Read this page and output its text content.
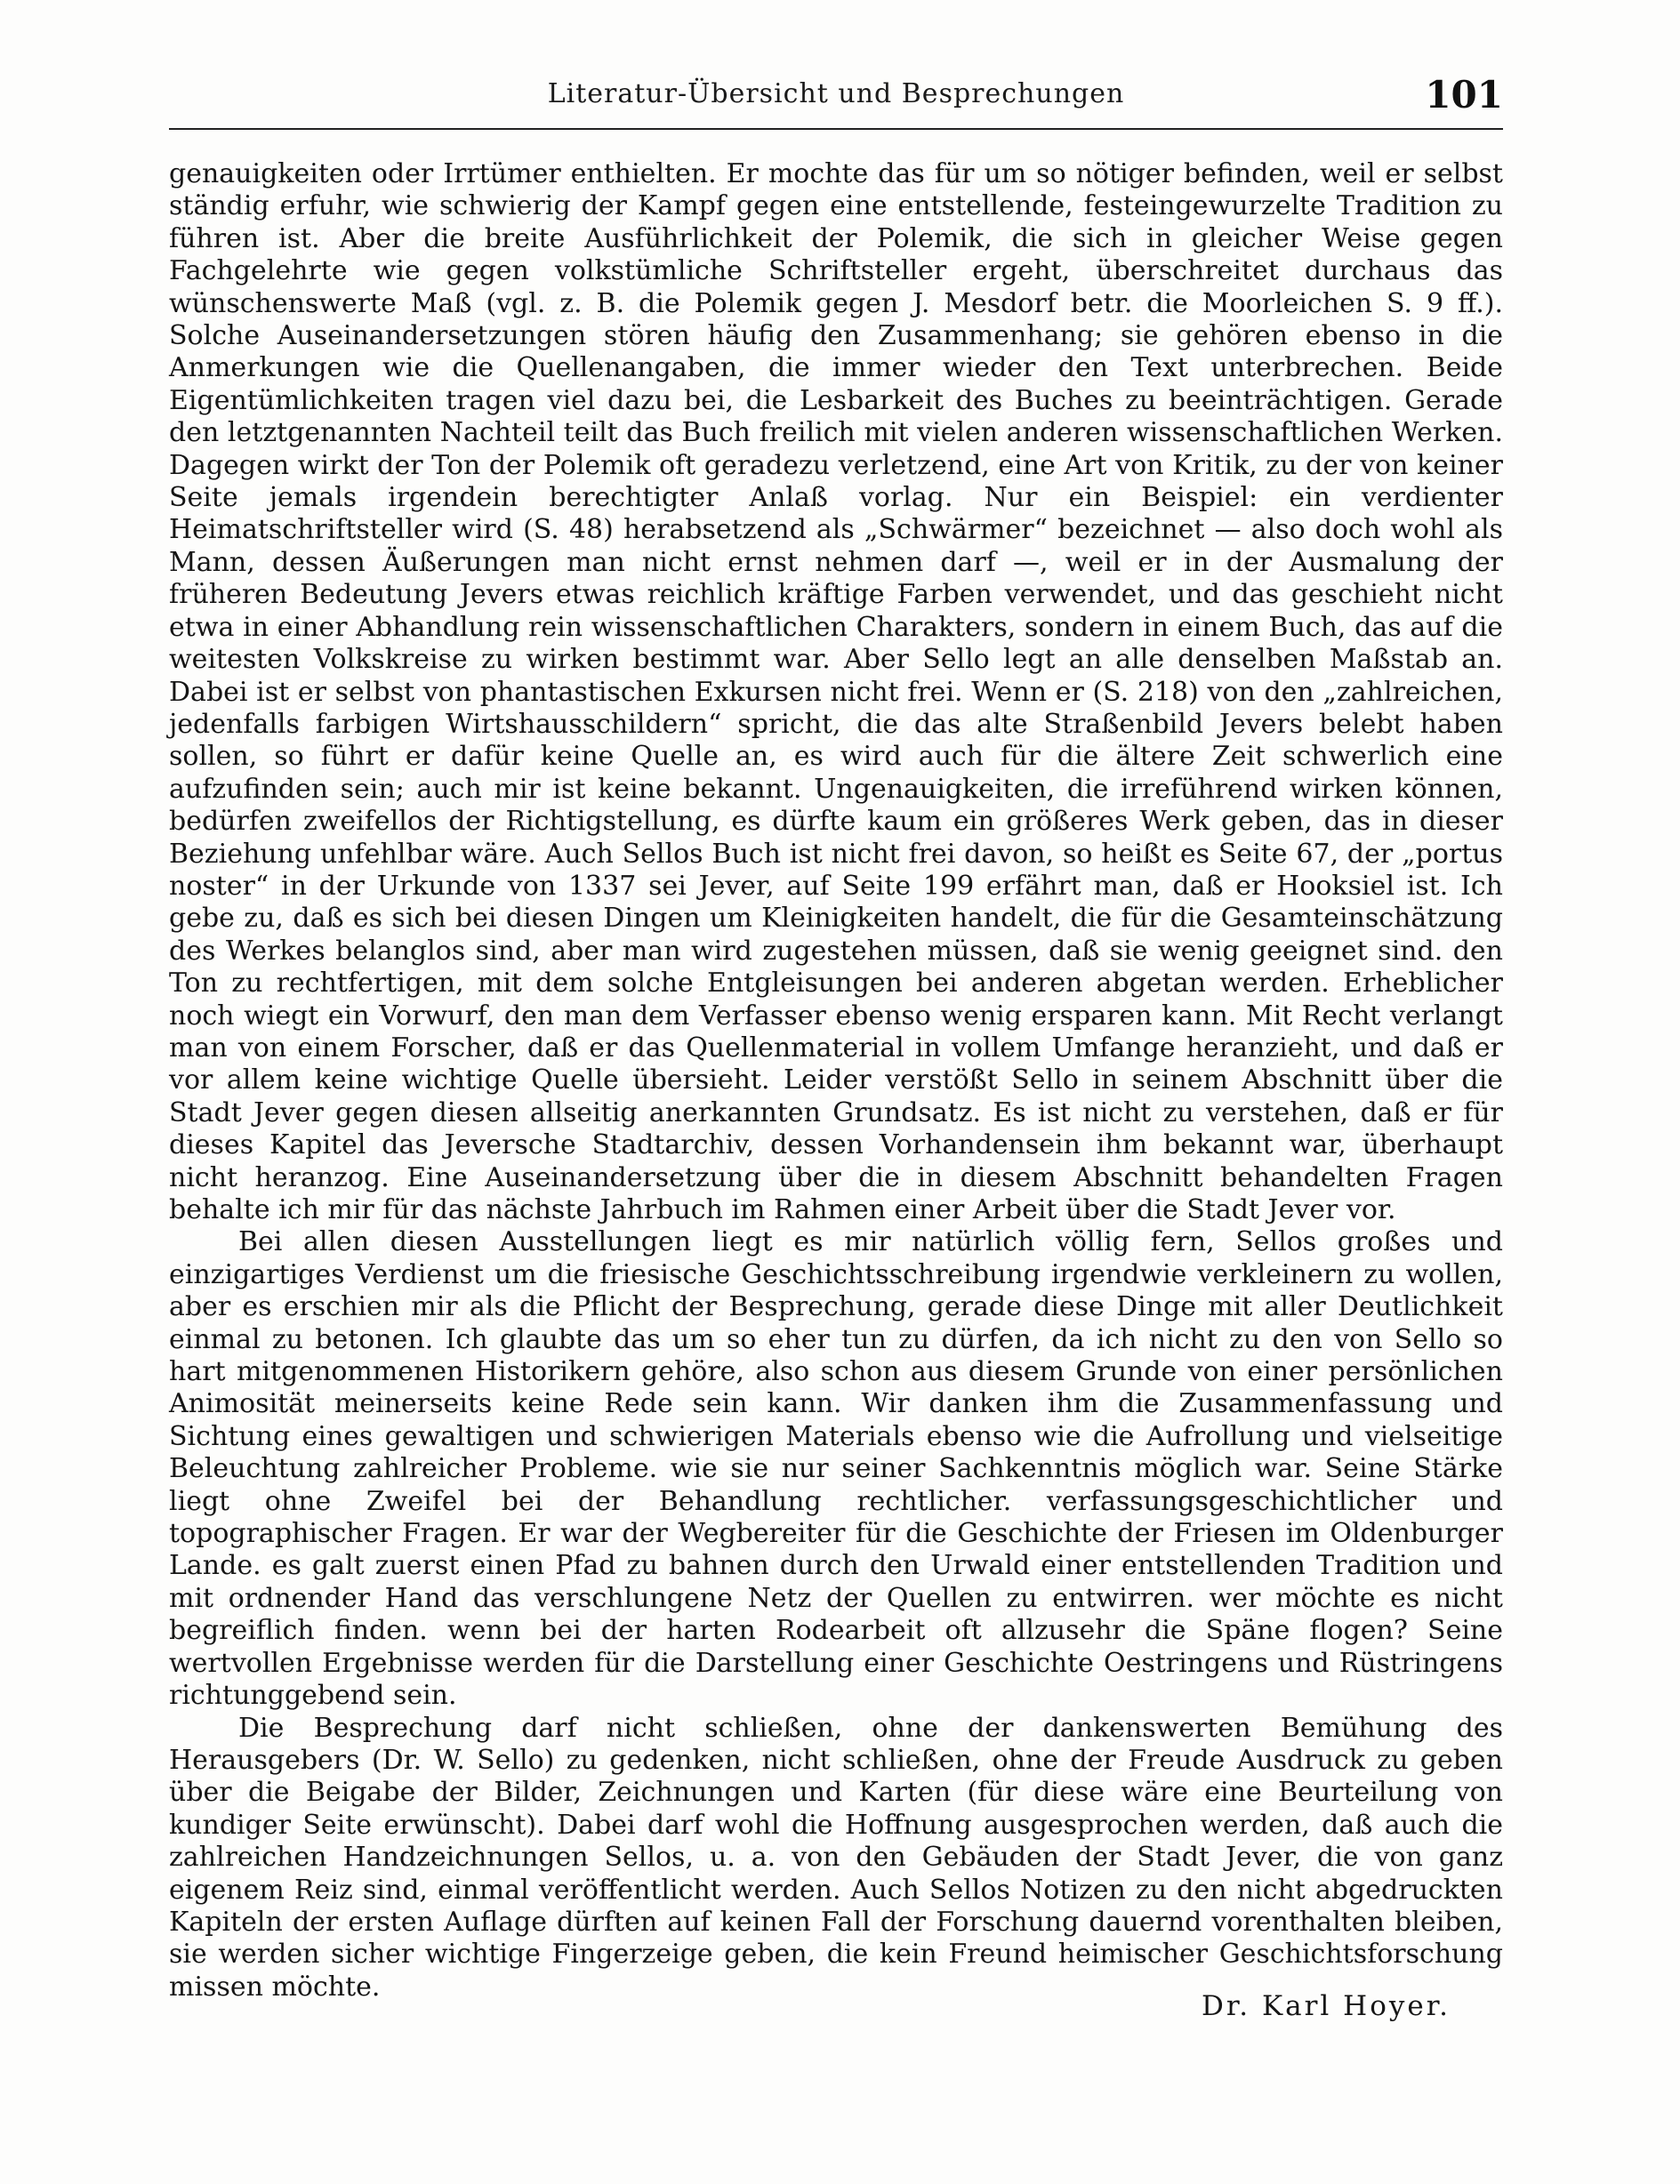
Literatur-Übersicht und Besprechungen	101

genauigkeiten oder Irrtümer enthielten. Er mochte das für um so nötiger befinden, weil er selbst ständig erfuhr, wie schwierig der Kampf gegen eine entstellende, festeingewurzelte Tradition zu führen ist. Aber die breite Ausführlichkeit der Polemik, die sich in gleicher Weise gegen Fachgelehrte wie gegen volkstümliche Schriftsteller ergeht, überschreitet durchaus das wünschenswerte Maß (vgl. z. B. die Polemik gegen J. Mesdorf betr. die Moorleichen S. 9 ff.). Solche Auseinandersetzungen stören häufig den Zusammenhang; sie gehören ebenso in die Anmerkungen wie die Quellenangaben, die immer wieder den Text unterbrechen. Beide Eigentümlichkeiten tragen viel dazu bei, die Lesbarkeit des Buches zu beeinträchtigen. Gerade den letztgenannten Nachteil teilt das Buch freilich mit vielen anderen wissenschaftlichen Werken. Dagegen wirkt der Ton der Polemik oft geradezu verletzend, eine Art von Kritik, zu der von keiner Seite jemals irgendein berechtigter Anlaß vorlag. Nur ein Beispiel: ein verdienter Heimatschriftsteller wird (S. 48) herabsetzend als „Schwärmer“ bezeichnet — also doch wohl als Mann, dessen Äußerungen man nicht ernst nehmen darf —, weil er in der Ausmalung der früheren Bedeutung Jevers etwas reichlich kräftige Farben verwendet, und das geschieht nicht etwa in einer Abhandlung rein wissenschaftlichen Charakters, sondern in einem Buch, das auf die weitesten Volkskreise zu wirken bestimmt war. Aber Sello legt an alle denselben Maßstab an. Dabei ist er selbst von phantastischen Exkursen nicht frei. Wenn er (S. 218) von den „zahlreichen, jedenfalls farbigen Wirtshausschildern“ spricht, die das alte Straßenbild Jevers belebt haben sollen, so führt er dafür keine Quelle an, es wird auch für die ältere Zeit schwerlich eine aufzufinden sein; auch mir ist keine bekannt. Ungenauigkeiten, die irreführend wirken können, bedürfen zweifellos der Richtigstellung, es dürfte kaum ein größeres Werk geben, das in dieser Beziehung unfehlbar wäre. Auch Sellos Buch ist nicht frei davon, so heißt es Seite 67, der „portus noster“ in der Urkunde von 1337 sei Jever, auf Seite 199 erfährt man, daß er Hooksiel ist. Ich gebe zu, daß es sich bei diesen Dingen um Kleinigkeiten handelt, die für die Gesamteinschätzung des Werkes belanglos sind, aber man wird zugestehen müssen, daß sie wenig geeignet sind. den Ton zu rechtfertigen, mit dem solche Entgleisungen bei anderen abgetan werden. Erheblicher noch wiegt ein Vorwurf, den man dem Verfasser ebenso wenig ersparen kann. Mit Recht verlangt man von einem Forscher, daß er das Quellenmaterial in vollem Umfange heranzieht, und daß er vor allem keine wichtige Quelle übersieht. Leider verstößt Sello in seinem Abschnitt über die Stadt Jever gegen diesen allseitig anerkannten Grundsatz. Es ist nicht zu verstehen, daß er für dieses Kapitel das Jeversche Stadtarchiv, dessen Vorhandensein ihm bekannt war, überhaupt nicht heranzog. Eine Auseinandersetzung über die in diesem Abschnitt behandelten Fragen behalte ich mir für das nächste Jahrbuch im Rahmen einer Arbeit über die Stadt Jever vor.

Bei allen diesen Ausstellungen liegt es mir natürlich völlig fern, Sellos großes und einzigartiges Verdienst um die friesische Geschichtsschreibung irgendwie verkleinern zu wollen, aber es erschien mir als die Pflicht der Besprechung, gerade diese Dinge mit aller Deutlichkeit einmal zu betonen. Ich glaubte das um so eher tun zu dürfen, da ich nicht zu den von Sello so hart mitgenommenen Historikern gehöre, also schon aus diesem Grunde von einer persönlichen Animosität meinerseits keine Rede sein kann. Wir danken ihm die Zusammenfassung und Sichtung eines gewaltigen und schwierigen Materials ebenso wie die Aufrollung und vielseitige Beleuchtung zahlreicher Probleme. wie sie nur seiner Sachkenntnis möglich war. Seine Stärke liegt ohne Zweifel bei der Behandlung rechtlicher. verfassungsgeschichtlicher und topographischer Fragen. Er war der Wegbereiter für die Geschichte der Friesen im Oldenburger Lande. es galt zuerst einen Pfad zu bahnen durch den Urwald einer entstellenden Tradition und mit ordnender Hand das verschlungene Netz der Quellen zu entwirren. wer möchte es nicht begreiflich finden. wenn bei der harten Rodearbeit oft allzusehr die Späne flogen? Seine wertvollen Ergebnisse werden für die Darstellung einer Geschichte Oestringens und Rüstringens richtunggebend sein.

Die Besprechung darf nicht schließen, ohne der dankenswerten Bemühung des Herausgebers (Dr. W. Sello) zu gedenken, nicht schließen, ohne der Freude Ausdruck zu geben über die Beigabe der Bilder, Zeichnungen und Karten (für diese wäre eine Beurteilung von kundiger Seite erwünscht). Dabei darf wohl die Hoffnung ausgesprochen werden, daß auch die zahlreichen Handzeichnungen Sellos, u. a. von den Gebäuden der Stadt Jever, die von ganz eigenem Reiz sind, einmal veröffentlicht werden. Auch Sellos Notizen zu den nicht abgedruckten Kapiteln der ersten Auflage dürften auf keinen Fall der Forschung dauernd vorenthalten bleiben, sie werden sicher wichtige Fingerzeige geben, die kein Freund heimischer Geschichtsforschung missen möchte.

Dr. Karl Hoyer.
